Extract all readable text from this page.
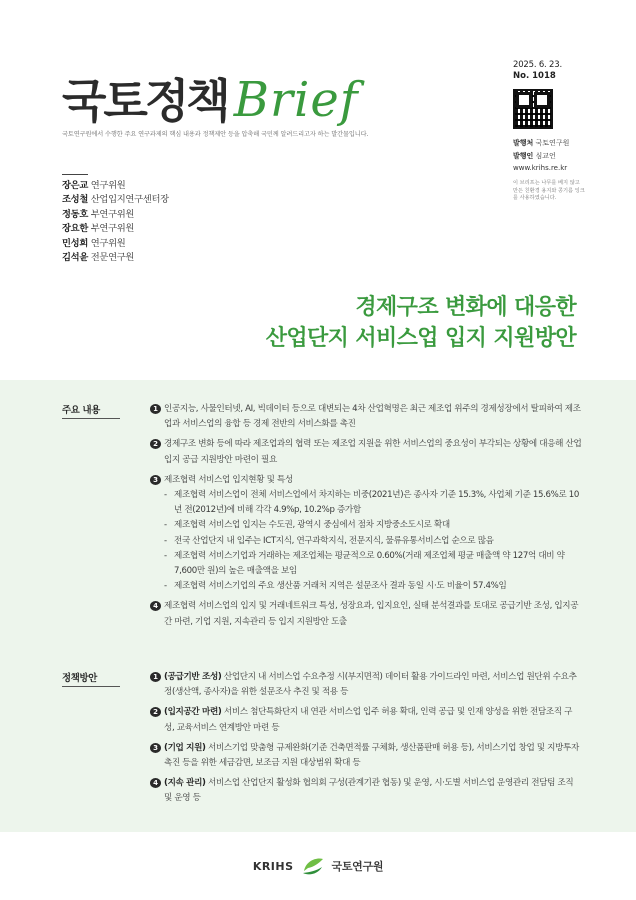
국토정책 Brief
국토연구원에서 수행한 주요 연구과제의 핵심 내용과 정책제안 등을 압축해 국민께 알려드리고자 하는 발간물입니다.
2025. 6. 23.
No. 1018
발행처 국토연구원
발행인 심교언
www.krihs.re.kr
이 브리프는 나무를 베지 않고 만든 친환경 용지와 콩기름 잉크를 사용하였습니다.
장은교 연구위원
조성철 산업입지연구센터장
정동호 부연구위원
장요한 부연구위원
민성희 연구위원
김석윤 전문연구원
경제구조 변화에 대응한
산업단지 서비스업 입지 지원방안
주요 내용	1 인공지능, 사물인터넷, AI, 빅데이터 등으로 대변되는 4차 산업혁명은 최근 제조업 위주의 경제성장에서 탈피하여 제조업과 서비스업의 융합 등 경제 전반의 서비스화를 촉진
2 경제구조 변화 등에 따라 제조업과의 협력 또는 제조업 지원을 위한 서비스업의 중요성이 부각되는 상황에 대응해 산업입지 공급 지원방안 마련이 필요
3 제조협력 서비스업 입지현황 및 특성
- 제조협력 서비스업이 전체 서비스업에서 차지하는 비중(2021년)은 종사자 기준 15.3%, 사업체 기준 15.6%로 10년 전(2012년)에 비해 각각 4.9%p, 10.2%p 증가함
- 제조협력 서비스업 입지는 수도권, 광역시 중심에서 점차 지방중소도시로 확대
- 전국 산업단지 내 입주는 ICT지식, 연구과학지식, 전문지식, 물류유통서비스업 순으로 많음
- 제조협력 서비스기업과 거래하는 제조업체는 평균적으로 0.60%(거래 제조업체 평균 매출액 약 127억 대비 약 7,600만 원)의 높은 매출액을 보임
- 제조협력 서비스기업의 주요 생산품 거래처 지역은 설문조사 결과 동일 시·도 비율이 57.4%임
4 제조협력 서비스업의 입지 및 거래네트워크 특성, 성장요과, 입지요인, 실태 분석결과를 토대로 공급기반 조성, 입지공간 마련, 기업 지원, 지속관리 등 입지 지원방안 도출
정책방안	1 (공급기반 조성) 산업단지 내 서비스업 수요추정 시(부지면적) 데이터 활용 가이드라인 마련, 서비스업 원단위 수요추정(생산액, 종사자)을 위한 설문조사 추진 및 적용 등
2 (입지공간 마련) 서비스 첨단특화단지 내 연관 서비스업 입주 허용 확대, 인력 공급 및 인재 양성을 위한 전담조직 구성, 교육서비스 연계방안 마련 등
3 (기업 지원) 서비스기업 맞춤형 규제완화(기준 건축면적률 구체화, 생산품판매 허용 등), 서비스기업 창업 및 지방투자촉진 등을 위한 세금감면, 보조금 지원 대상범위 확대 등
4 (지속 관리) 서비스업 산업단지 활성화 협의회 구성(관계기관 협동) 및 운영, 시·도별 서비스업 운영관리 전담팀 조직 및 운영 등
KRIHS	국토연구원
